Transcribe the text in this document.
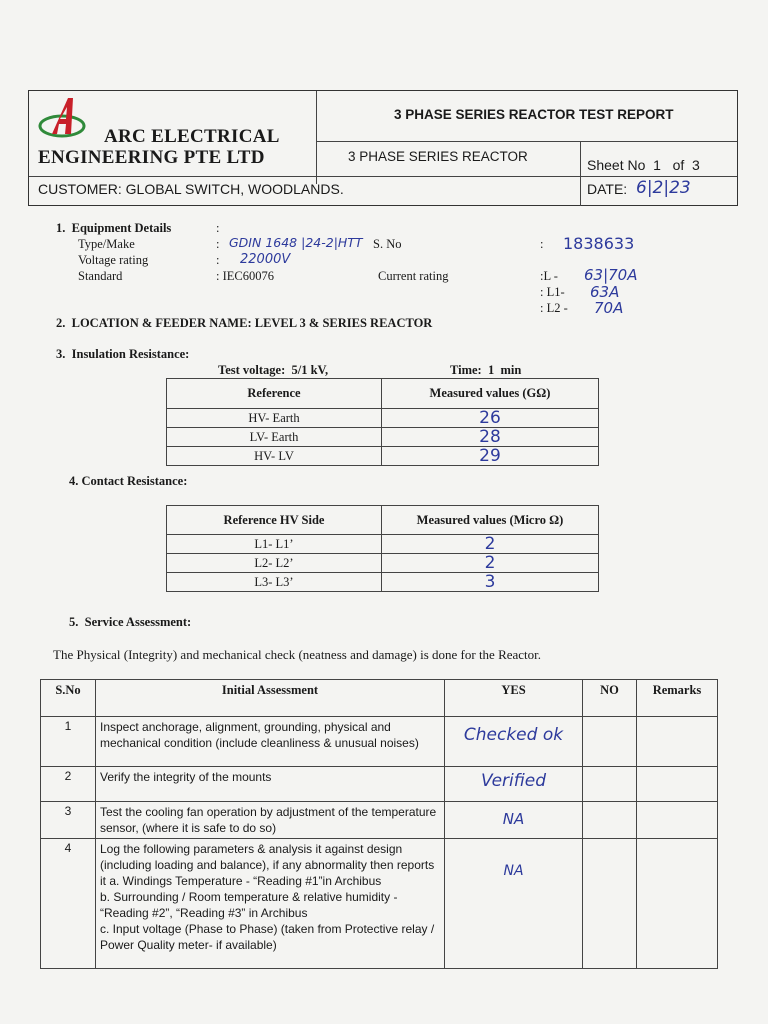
ARC ELECTRICAL
ENGINEERING PTE LTD
3 PHASE SERIES REACTOR TEST REPORT
3 PHASE SERIES REACTOR
Sheet No  1   of  3
CUSTOMER: GLOBAL SWITCH, WOODLANDS.	DATE: 6|2|23
1.  Equipment Details	:
Type/Make	: GDIN 1648 |24-2|HTT S. No	: 1838633
Voltage rating	: 22000V
Standard	: IEC60076	Current rating	:L - 63|70A
: L1- 63A
: L2 - 70A
2.  LOCATION & FEEDER NAME: LEVEL 3 & SERIES REACTOR
3.  Insulation Resistance:
Test voltage:  5/1 kV,	Time:  1  min
Reference	Measured values (GΩ)
HV- Earth	26
LV- Earth	28
HV- LV	29
4. Contact Resistance:
Reference HV Side	Measured values (Micro Ω)
L1- L1’	2
L2- L2’	2
L3- L3’	3
5.  Service Assessment:
The Physical (Integrity) and mechanical check (neatness and damage) is done for the Reactor.
S.No	Initial Assessment	YES	NO	Remarks
1	Inspect anchorage, alignment, grounding, physical and mechanical condition (include cleanliness & unusual noises)	Checked ok		
2	Verify the integrity of the mounts	Verified		
3	Test the cooling fan operation by adjustment of the temperature sensor, (where it is safe to do so)	NA		
4	Log the following parameters & analysis it against design (including loading and balance), if any abnormality then reports it a. Windings Temperature - “Reading #1”in Archibus
b. Surrounding / Room temperature & relative humidity - “Reading #2”, “Reading #3” in Archibus
c. Input voltage (Phase to Phase) (taken from Protective relay / Power Quality meter- if available)	NA		
